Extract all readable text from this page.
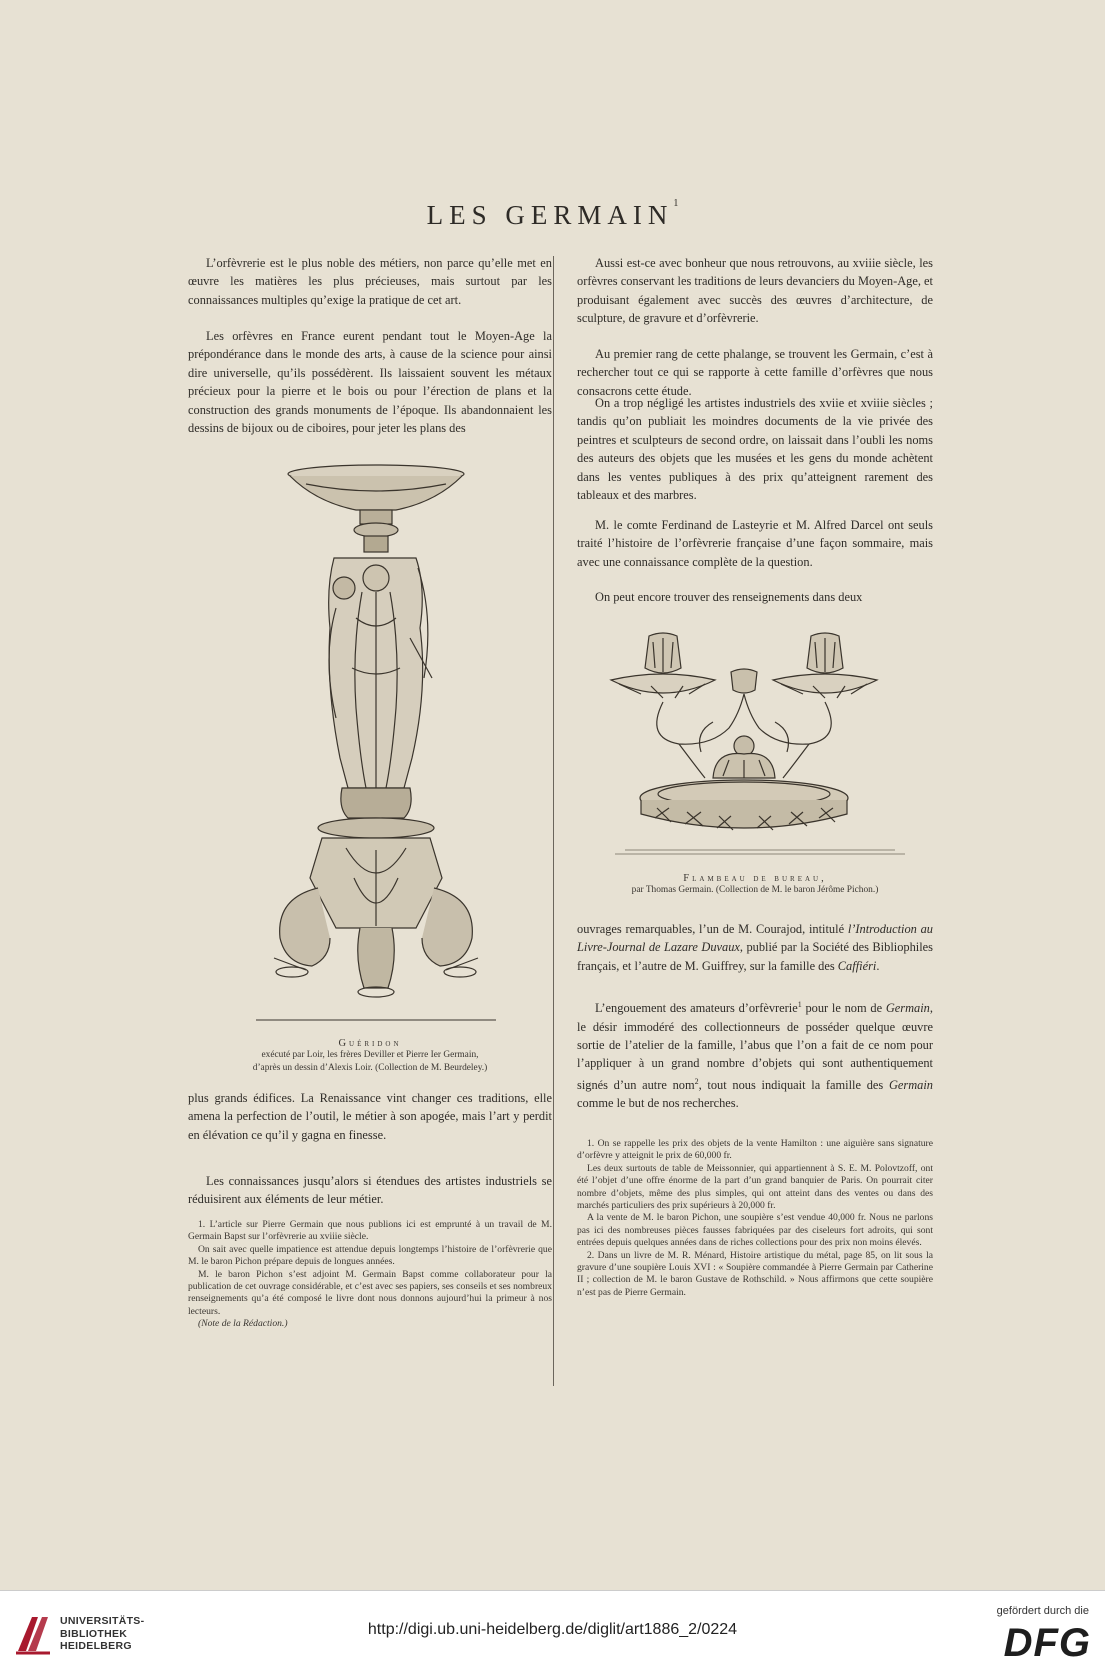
LES GERMAIN$^1$

L’orfèvrerie est le plus noble des métiers, non parce qu’elle met en œuvre les matières les plus précieuses, mais surtout par les connaissances multiples qu’exige la pratique de cet art.

Les orfèvres en France eurent pendant tout le Moyen-Age la prépondérance dans le monde des arts, à cause de la science pour ainsi dire universelle, qu’ils possédèrent. Ils laissaient souvent les métaux précieux pour la pierre et le bois ou pour l’érection de plans et la construction des grands monuments de l’époque. Ils abandonnaient les dessins de bijoux ou de ciboires, pour jeter les plans des

Guéridon
exécuté par Loir, les frères Deviller et Pierre Ier Germain,
d’après un dessin d’Alexis Loir. (Collection de M. Beurdeley.)

plus grands édifices. La Renaissance vint changer ces traditions, elle amena la perfection de l’outil, le métier à son apogée, mais l’art y perdit en élévation ce qu’il y gagna en finesse.

Les connaissances jusqu’alors si étendues des artistes industriels se réduisirent aux éléments de leur métier.

1. L’article sur Pierre Germain que nous publions ici est emprunté à un travail de M. Germain Bapst sur l’orfèvrerie au xviiie siècle.

On sait avec quelle impatience est attendue depuis longtemps l’histoire de l’orfèvrerie que M. le baron Pichon prépare depuis de longues années.

M. le baron Pichon s’est adjoint M. Germain Bapst comme collaborateur pour la publication de cet ouvrage considérable, et c’est avec ses papiers, ses conseils et ses nombreux renseignements qu’a été composé le livre dont nous donnons aujourd’hui la primeur à nos lecteurs.

(Note de la Rédaction.)

Aussi est-ce avec bonheur que nous retrouvons, au xviiie siècle, les orfèvres conservant les traditions de leurs devanciers du Moyen-Age, et produisant également avec succès des œuvres d’architecture, de sculpture, de gravure et d’orfèvrerie.

Au premier rang de cette phalange, se trouvent les Germain, c’est à rechercher tout ce qui se rapporte à cette famille d’orfèvres que nous consacrons cette étude.

On a trop négligé les artistes industriels des xviie et xviiie siècles ; tandis qu’on publiait les moindres documents de la vie privée des peintres et sculpteurs de second ordre, on laissait dans l’oubli les noms des auteurs des objets que les musées et les gens du monde achètent dans les ventes publiques à des prix qu’atteignent rarement des tableaux et des marbres.

M. le comte Ferdinand de Lasteyrie et M. Alfred Darcel ont seuls traité l’histoire de l’orfèvrerie française d’une façon sommaire, mais avec une connaissance complète de la question.

On peut encore trouver des renseignements dans deux

Flambeau de bureau,
par Thomas Germain. (Collection de M. le baron Jérôme Pichon.)

ouvrages remarquables, l’un de M. Courajod, intitulé l’Introduction au Livre-Journal de Lazare Duvaux, publié par la Société des Bibliophiles français, et l’autre de M. Guiffrey, sur la famille des Caffiéri.

L’engouement des amateurs d’orfèvrerie$^1$ pour le nom de Germain, le désir immodéré des collectionneurs de posséder quelque œuvre sortie de l’atelier de la famille, l’abus que l’on a fait de ce nom pour l’appliquer à un grand nombre d’objets qui sont authentiquement signés d’un autre nom$^2$, tout nous indiquait la famille des Germain comme le but de nos recherches.

1. On se rappelle les prix des objets de la vente Hamilton : une aiguière sans signature d’orfèvre y atteignit le prix de 60,000 fr.

Les deux surtouts de table de Meissonnier, qui appartiennent à S. E. M. Polovtzoff, ont été l’objet d’une offre énorme de la part d’un grand banquier de Paris. On pourrait citer nombre d’objets, même des plus simples, qui ont atteint dans des ventes ou dans des marchés particuliers des prix supérieurs à 20,000 fr.

A la vente de M. le baron Pichon, une soupière s’est vendue 40,000 fr. Nous ne parlons pas ici des nombreuses pièces fausses fabriquées par des ciseleurs fort adroits, qui sont entrées depuis quelques années dans de riches collections pour des prix non moins élevés.

2. Dans un livre de M. R. Ménard, Histoire artistique du métal, page 85, on lit sous la gravure d’une soupière Louis XVI : « Soupière commandée à Pierre Germain par Catherine II ; collection de M. le baron Gustave de Rothschild. » Nous affirmons que cette soupière n’est pas de Pierre Germain.

UNIVERSITÄTS-
BIBLIOTHEK
HEIDELBERG
http://digi.ub.uni-heidelberg.de/diglit/art1886_2/0224
gefördert durch die
DFG
